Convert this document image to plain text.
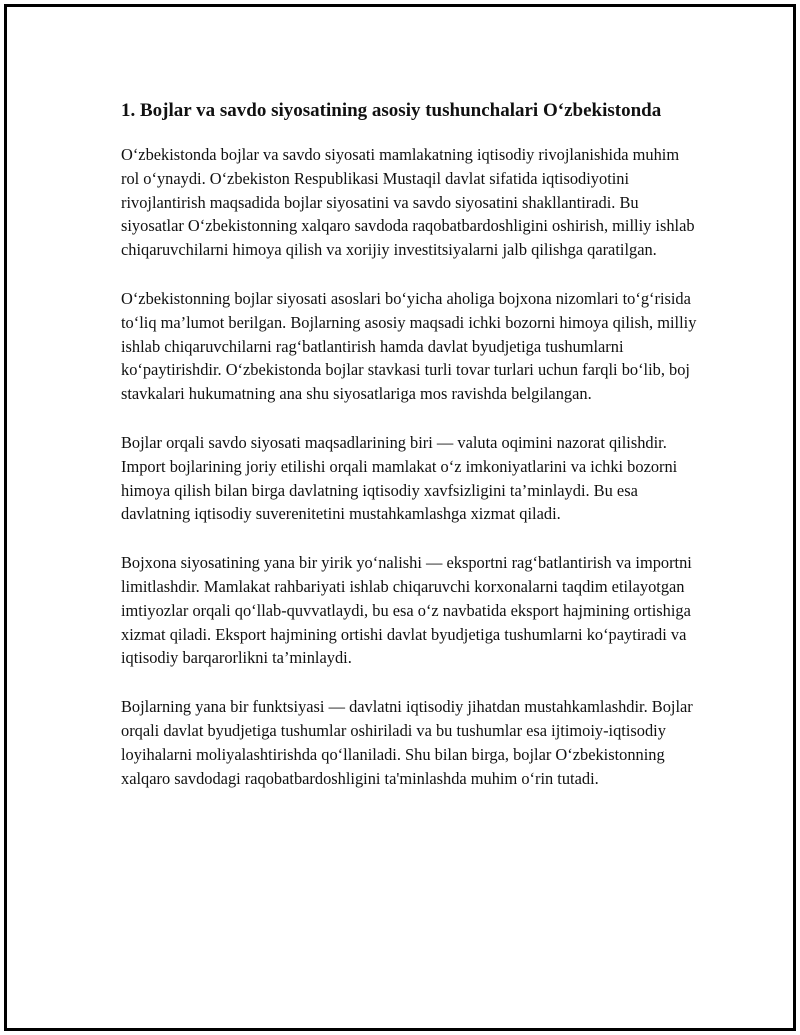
1. Bojlar va savdo siyosatining asosiy tushunchalari O‘zbekistonda

O‘zbekistonda bojlar va savdo siyosati mamlakatning iqtisodiy rivojlanishida muhim rol o‘ynaydi. O‘zbekiston Respublikasi Mustaqil davlat sifatida iqtisodiyotini rivojlantirish maqsadida bojlar siyosatini va savdo siyosatini shakllantiradi. Bu siyosatlar O‘zbekistonning xalqaro savdoda raqobatbardoshligini oshirish, milliy ishlab chiqaruvchilarni himoya qilish va xorijiy investitsiyalarni jalb qilishga qaratilgan.

O‘zbekistonning bojlar siyosati asoslari bo‘yicha aholiga bojxona nizomlari to‘g‘risida to‘liq ma’lumot berilgan. Bojlarning asosiy maqsadi ichki bozorni himoya qilish, milliy ishlab chiqaruvchilarni rag‘batlantirish hamda davlat byudjetiga tushumlarni ko‘paytirishdir. O‘zbekistonda bojlar stavkasi turli tovar turlari uchun farqli bo‘lib, boj stavkalari hukumatning ana shu siyosatlariga mos ravishda belgilangan.

Bojlar orqali savdo siyosati maqsadlarining biri — valuta oqimini nazorat qilishdir. Import bojlarining joriy etilishi orqali mamlakat o‘z imkoniyatlarini va ichki bozorni himoya qilish bilan birga davlatning iqtisodiy xavfsizligini ta’minlaydi. Bu esa davlatning iqtisodiy suverenitetini mustahkamlashga xizmat qiladi.

Bojxona siyosatining yana bir yirik yo‘nalishi — eksportni rag‘batlantirish va importni limitlashdir. Mamlakat rahbariyati ishlab chiqaruvchi korxonalarni taqdim etilayotgan imtiyozlar orqali qo‘llab-quvvatlaydi, bu esa o‘z navbatida eksport hajmining ortishiga xizmat qiladi. Eksport hajmining ortishi davlat byudjetiga tushumlarni ko‘paytiradi va iqtisodiy barqarorlikni ta’minlaydi.

Bojlarning yana bir funktsiyasi — davlatni iqtisodiy jihatdan mustahkamlashdir. Bojlar orqali davlat byudjetiga tushumlar oshiriladi va bu tushumlar esa ijtimoiy-iqtisodiy loyihalarni moliyalashtirishda qo‘llaniladi. Shu bilan birga, bojlar O‘zbekistonning xalqaro savdodagi raqobatbardoshligini ta'minlashda muhim o‘rin tutadi.
